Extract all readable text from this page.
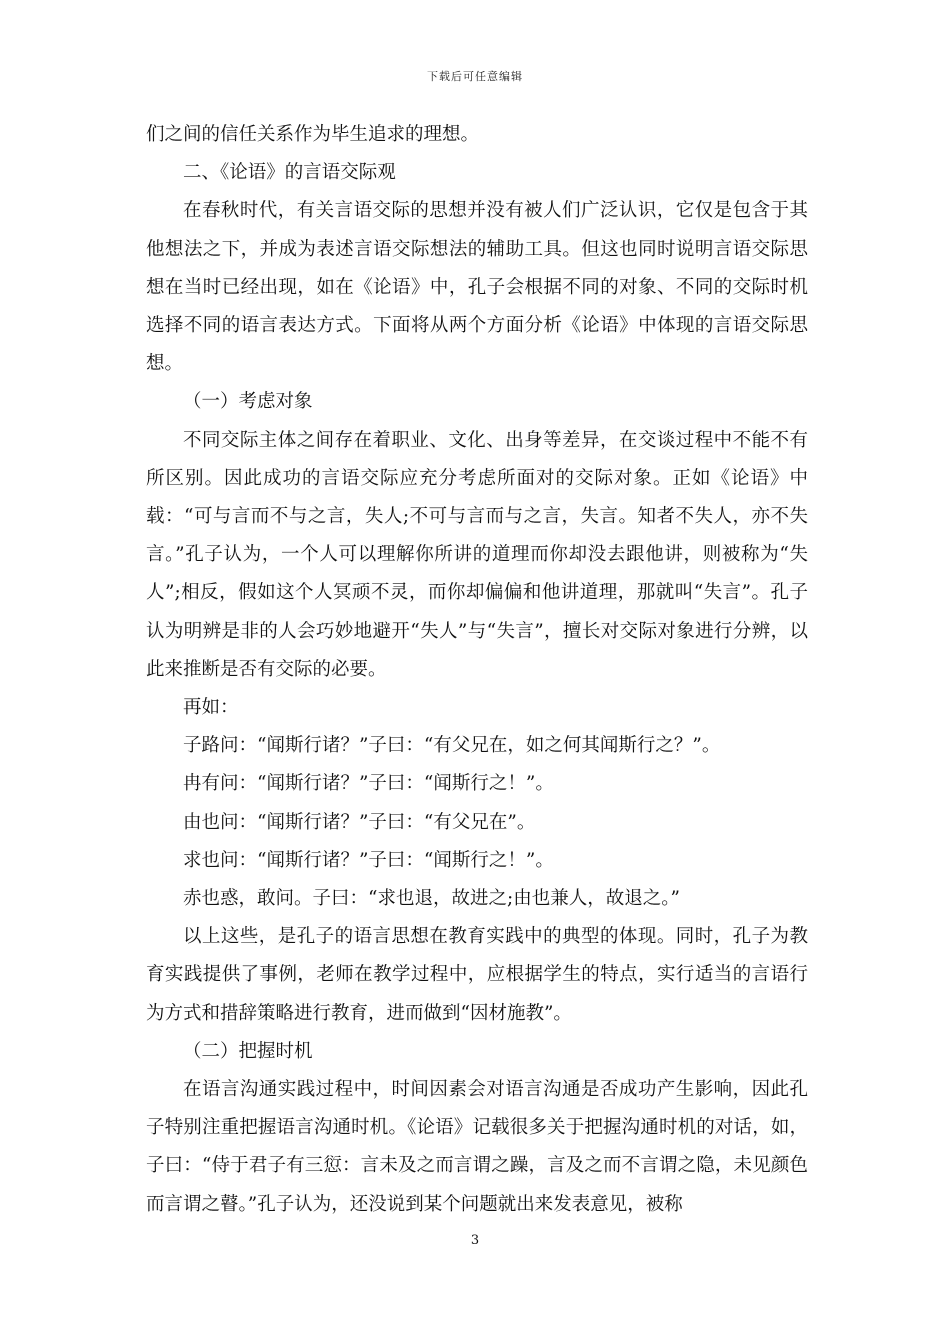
下载后可任意编辑

们之间的信任关系作为毕生追求的理想。

二、《论语》的言语交际观

在春秋时代，有关言语交际的思想并没有被人们广泛认识，它仅是包含于其他想法之下，并成为表述言语交际想法的辅助工具。但这也同时说明言语交际思想在当时已经出现，如在《论语》中，孔子会根据不同的对象、不同的交际时机选择不同的语言表达方式。下面将从两个方面分析《论语》中体现的言语交际思想。

（一）考虑对象

不同交际主体之间存在着职业、文化、出身等差异，在交谈过程中不能不有所区别。因此成功的言语交际应充分考虑所面对的交际对象。正如《论语》中载：“可与言而不与之言，失人;不可与言而与之言，失言。知者不失人，亦不失言。”孔子认为，一个人可以理解你所讲的道理而你却没去跟他讲，则被称为“失人”;相反，假如这个人冥顽不灵，而你却偏偏和他讲道理，那就叫“失言”。孔子认为明辨是非的人会巧妙地避开“失人”与“失言”，擅长对交际对象进行分辨，以此来推断是否有交际的必要。

再如：

子路问：“闻斯行诸？”子曰：“有父兄在，如之何其闻斯行之？”。

冉有问：“闻斯行诸？”子曰：“闻斯行之！”。

由也问：“闻斯行诸？”子曰：“有父兄在”。

求也问：“闻斯行诸？”子曰：“闻斯行之！”。

赤也惑，敢问。子曰：“求也退，故进之;由也兼人，故退之。”

以上这些，是孔子的语言思想在教育实践中的典型的体现。同时，孔子为教育实践提供了事例，老师在教学过程中，应根据学生的特点，实行适当的言语行为方式和措辞策略进行教育，进而做到“因材施教”。

（二）把握时机

在语言沟通实践过程中，时间因素会对语言沟通是否成功产生影响，因此孔子特别注重把握语言沟通时机。《论语》记载很多关于把握沟通时机的对话，如，子曰：“侍于君子有三愆：言未及之而言谓之躁，言及之而不言谓之隐，未见颜色而言谓之瞽。”孔子认为，还没说到某个问题就出来发表意见，被称

3
